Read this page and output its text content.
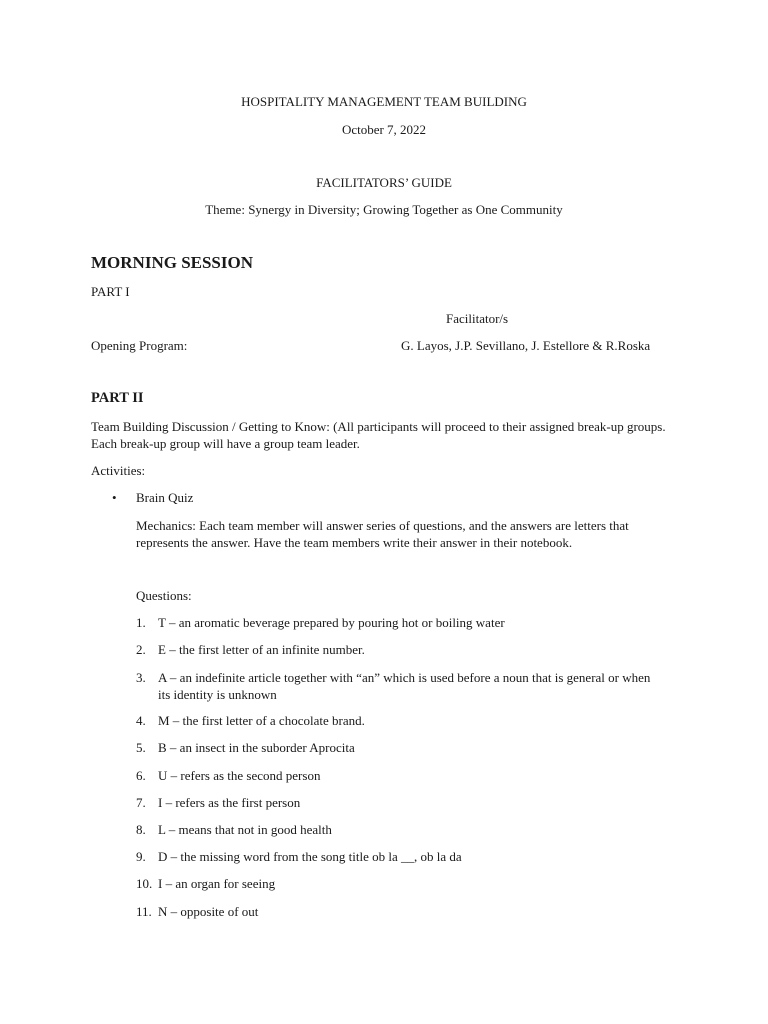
HOSPITALITY MANAGEMENT TEAM BUILDING
October 7, 2022
FACILITATORS’ GUIDE
Theme: Synergy in Diversity; Growing Together as One Community
MORNING SESSION
PART I
Facilitator/s
Opening Program:	G. Layos, J.P. Sevillano, J. Estellore & R.Roska
PART II
Team Building Discussion / Getting to Know: (All participants will proceed to their assigned break-up groups. Each break-up group will have a group team leader.
Activities:
• Brain Quiz
Mechanics: Each team member will answer series of questions, and the answers are letters that represents the answer. Have the team members write their answer in their notebook.
Questions:
1. T – an aromatic beverage prepared by pouring hot or boiling water
2. E – the first letter of an infinite number.
3. A – an indefinite article together with “an” which is used before a noun that is general or when its identity is unknown
4. M – the first letter of a chocolate brand.
5. B – an insect in the suborder Aprocita
6. U – refers as the second person
7. I – refers as the first person
8. L – means that not in good health
9. D – the missing word from the song title ob la __, ob la da
10. I – an organ for seeing
11. N – opposite of out
